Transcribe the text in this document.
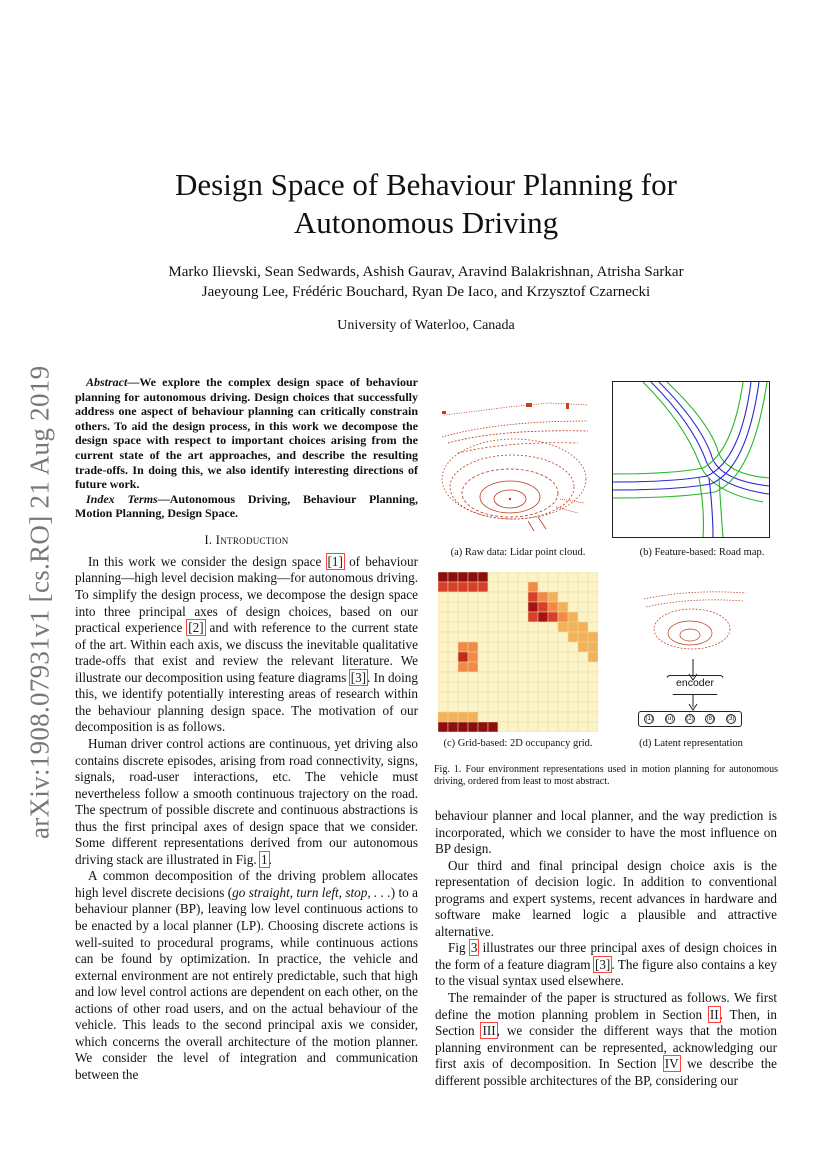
arXiv:1908.07931v1 [cs.RO] 21 Aug 2019
Design Space of Behaviour Planning for
Autonomous Driving
Marko Ilievski, Sean Sedwards, Ashish Gaurav, Aravind Balakrishnan, Atrisha Sarkar
Jaeyoung Lee, Frédéric Bouchard, Ryan De Iaco, and Krzysztof Czarnecki
University of Waterloo, Canada

Abstract—We explore the complex design space of behaviour planning for autonomous driving. Design choices that successfully address one aspect of behaviour planning can critically constrain others. To aid the design process, in this work we decompose the design space with respect to important choices arising from the current state of the art approaches, and describe the resulting trade-offs. In doing this, we also identify interesting directions of future work.

Index Terms—Autonomous Driving, Behaviour Planning, Motion Planning, Design Space.

I. Introduction

In this work we consider the design space [1] of behaviour planning—high level decision making—for autonomous driving. To simplify the design process, we decompose the design space into three principal axes of design choices, based on our practical experience [2] and with reference to the current state of the art. Within each axis, we discuss the inevitable qualitative trade-offs that exist and review the relevant literature. We illustrate our decomposition using feature diagrams [3]. In doing this, we identify potentially interesting areas of research within the behaviour planning design space. The motivation of our decomposition is as follows.

Human driver control actions are continuous, yet driving also contains discrete episodes, arising from road connectivity, signs, signals, road-user interactions, etc. The vehicle must nevertheless follow a smooth continuous trajectory on the road. The spectrum of possible discrete and continuous abstractions is thus the first principal axes of design space that we consider. Some different representations derived from our autonomous driving stack are illustrated in Fig. 1.

A common decomposition of the driving problem allocates high level discrete decisions (go straight, turn left, stop, . . .) to a behaviour planner (BP), leaving low level continuous actions to be enacted by a local planner (LP). Choosing discrete actions is well-suited to procedural programs, while continuous actions can be found by optimization. In practice, the vehicle and external environment are not entirely predictable, such that high and low level control actions are dependent on each other, on the actions of other road users, and on the actual behaviour of the vehicle. This leads to the second principal axis we consider, which concerns the overall architecture of the motion planner. We consider the level of integration and communication between the

(a) Raw data: Lidar point cloud.	(b) Feature-based: Road map.
(c) Grid-based: 2D occupancy grid.
encoder
(1) (u) (2) (8) (3)
(d) Latent representation
Fig. 1. Four environment representations used in motion planning for autonomous driving, ordered from least to most abstract.

behaviour planner and local planner, and the way prediction is incorporated, which we consider to have the most influence on BP design.

Our third and final principal design choice axis is the representation of decision logic. In addition to conventional programs and expert systems, recent advances in hardware and software make learned logic a plausible and attractive alternative.

Fig 3 illustrates our three principal axes of design choices in the form of a feature diagram [3]. The figure also contains a key to the visual syntax used elsewhere.

The remainder of the paper is structured as follows. We first define the motion planning problem in Section II. Then, in Section III, we consider the different ways that the motion planning environment can be represented, acknowledging our first axis of decomposition. In Section IV we describe the different possible architectures of the BP, considering our
